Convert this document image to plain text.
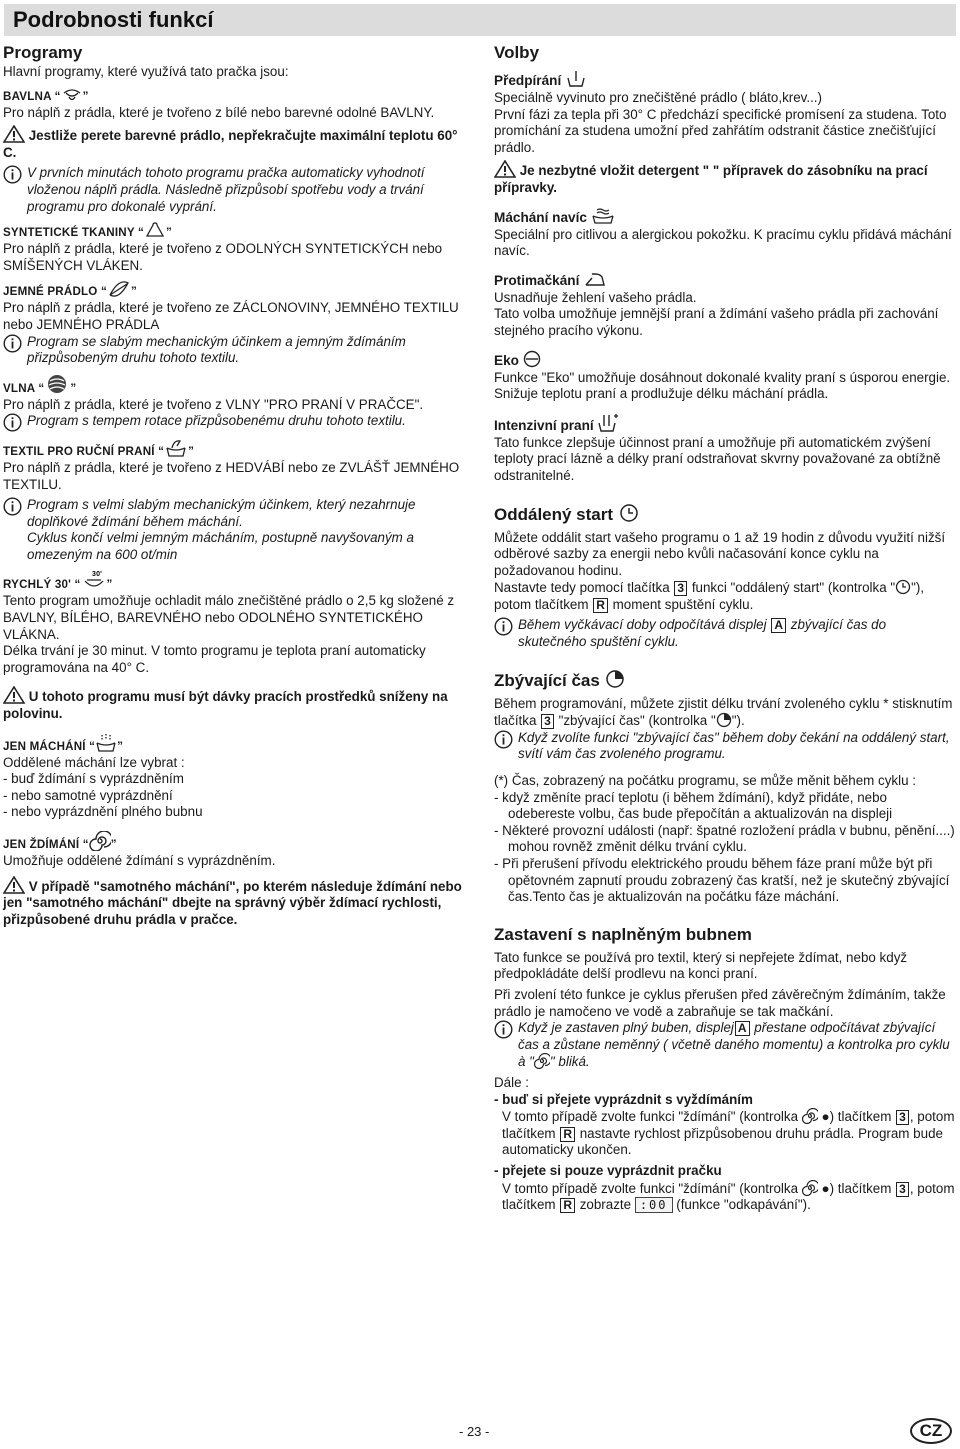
Podrobnosti funkcí
Programy

Hlavní programy, které využívá tato pračka jsou:

BAVLNA “ ”

Pro náplň z prádla, které je tvořeno z bílé nebo barevné odolné BAVLNY.

Jestliže perete barevné prádlo, nepřekračujte maximální teplotu 60° C.

V prvních minutách tohoto programu pračka automaticky vyhodnotí vloženou náplň prádla. Následně přizpůsobí spotřebu vody a trvání programu pro dokonalé vyprání.
SYNTETICKÉ TKANINY “ ”

Pro náplň z prádla, které je tvořeno z ODOLNÝCH SYNTETICKÝCH nebo SMÍŠENÝCH VLÁKEN.

JEMNÉ PRÁDLO “ ”

Pro náplň z prádla, které je tvořeno ze ZÁCLONOVINY, JEMNÉHO TEXTILU nebo JEMNÉHO PRÁDLA

Program se slabým mechanickým účinkem a jemným ždímáním přizpůsobeným druhu tohoto textilu.
VLNA “ ”

Pro náplň z prádla, které je tvořeno z VLNY "PRO PRANÍ V PRAČCE".

Program s tempem rotace přizpůsobenému druhu tohoto textilu.
TEXTIL PRO RUČNÍ PRANÍ “ ”

Pro náplň z prádla, které je tvořeno z HEDVÁBÍ nebo ze ZVLÁŠŤ JEMNÉHO TEXTILU.

Program s velmi slabým mechanickým účinkem, který nezahrnuje doplňkové ždímání během máchání.

Cyklus končí velmi jemným mácháním, postupně navyšovaným a omezeným na 600 ot/min

RYCHLÝ 30' “
30'
”

Tento program umožňuje ochladit málo znečištěné prádlo o 2,5 kg složené z BAVLNY, BÍLÉHO, BAREVNÉHO nebo ODOLNÉHO SYNTETICKÉHO VLÁKNA.

Délka trvání je 30 minut. V tomto programu je teplota praní automaticky programována na 40° C.

U tohoto programu musí být dávky pracích prostředků sníženy na polovinu.

JEN MÁCHÁNÍ “ ”

Oddělené máchání lze vybrat :

- buď ždímání s vyprázdněním

- nebo samotné vyprázdnění

- nebo vyprázdnění plného bubnu

JEN ŽDÍMÁNÍ “ ”

Umožňuje oddělené ždímání s vyprázdněním.

V případě "samotného máchání", po kterém následuje ždímání nebo jen "samotného máchání" dbejte na správný výběr ždímací rychlosti, přizpůsobené druhu prádla v pračce.

Volby
Předpírání

Speciálně vyvinuto pro znečištěné prádlo ( bláto,krev...)

První fázi za tepla při 30° C předchází specifické promísení za studena. Toto promíchání za studena umožní před zahřátím odstranit částice znečišťující prádlo.

Je nezbytné vložit detergent " " přípravek do zásobníku na prací přípravky.

Máchání navíc

Speciální pro citlivou a alergickou pokožku. K pracímu cyklu přidává máchání navíc.

Protimačkání

Usnadňuje žehlení vašeho prádla.

Tato volba umožňuje jemnější praní a ždímání vašeho prádla při zachování stejného pracího výkonu.

Eko

Funkce "Eko" umožňuje dosáhnout dokonalé kvality praní s úsporou energie. Snižuje teplotu praní a prodlužuje délku máchání prádla.

Intenzivní praní

Tato funkce zlepšuje účinnost praní a umožňuje při automatickém zvýšení teploty prací lázně a délky praní odstraňovat skvrny považované za obtížně odstranitelné.

Oddálený start

Můžete oddálit start vašeho programu o 1 až 19 hodin z důvodu využití nižší odběrové sazby za energii nebo kvůli načasování konce cyklu na požadovanou hodinu.

Nastavte tedy pomocí tlačítka 3 funkci "oddálený start" (kontrolka " "), potom tlačítkem R moment spuštění cyklu.

Během vyčkávací doby odpočítává displej A zbývající čas do skutečného spuštění cyklu.
Zbývající čas

Během programování, můžete zjistit délku trvání zvoleného cyklu * stisknutím tlačítka 3 "zbývající čas" (kontrolka " ").

Když zvolíte funkci "zbývající čas" během doby čekání na oddálený start, svítí vám čas zvoleného programu.

(*) Čas, zobrazený na počátku programu, se může měnit během cyklu :

- když změníte prací teplotu (i během ždímání), když přidáte, nebo odebereste volbu, čas bude přepočítán a aktualizován na displeji

- Některé provozní události (např: špatné rozložení prádla v bubnu, pěnění....) mohou rovněž změnit délku trvání cyklu.

- Při přerušení přívodu elektrického proudu během fáze praní může být při opětovném zapnutí proudu zobrazený čas kratší, než je skutečný zbývající čas.Tento čas je aktualizován na počátku fáze máchání.

Zastavení s naplněným bubnem

Tato funkce se používá pro textil, který si nepřejete ždímat, nebo když předpokládáte delší prodlevu na konci praní.

Při zvolení této funkce je cyklus přerušen před závěrečným ždímáním, takže prádlo je namočeno ve vodě a zabraňuje se tak mačkání.

Když je zastaven plný buben, displej A přestane odpočítávat zbývající čas a zůstane neměnný ( včetně daného momentu) a kontrolka pro cyklu à " " bliká.

Dále :

- buď si přejete vyprázdnit s vyždímáním

V tomto případě zvolte funkci "ždímání" (kontrolka ●) tlačítkem 3 , potom tlačítkem R nastavte rychlost přizpůsobenou druhu prádla. Program bude automaticky ukončen.

- přejete si pouze vyprázdnit pračku

V tomto případě zvolte funkci "ždímání" (kontrolka ●) tlačítkem 3 , potom tlačítkem R zobrazte :00 (funkce "odkapávání").

- 23 -	CZ
